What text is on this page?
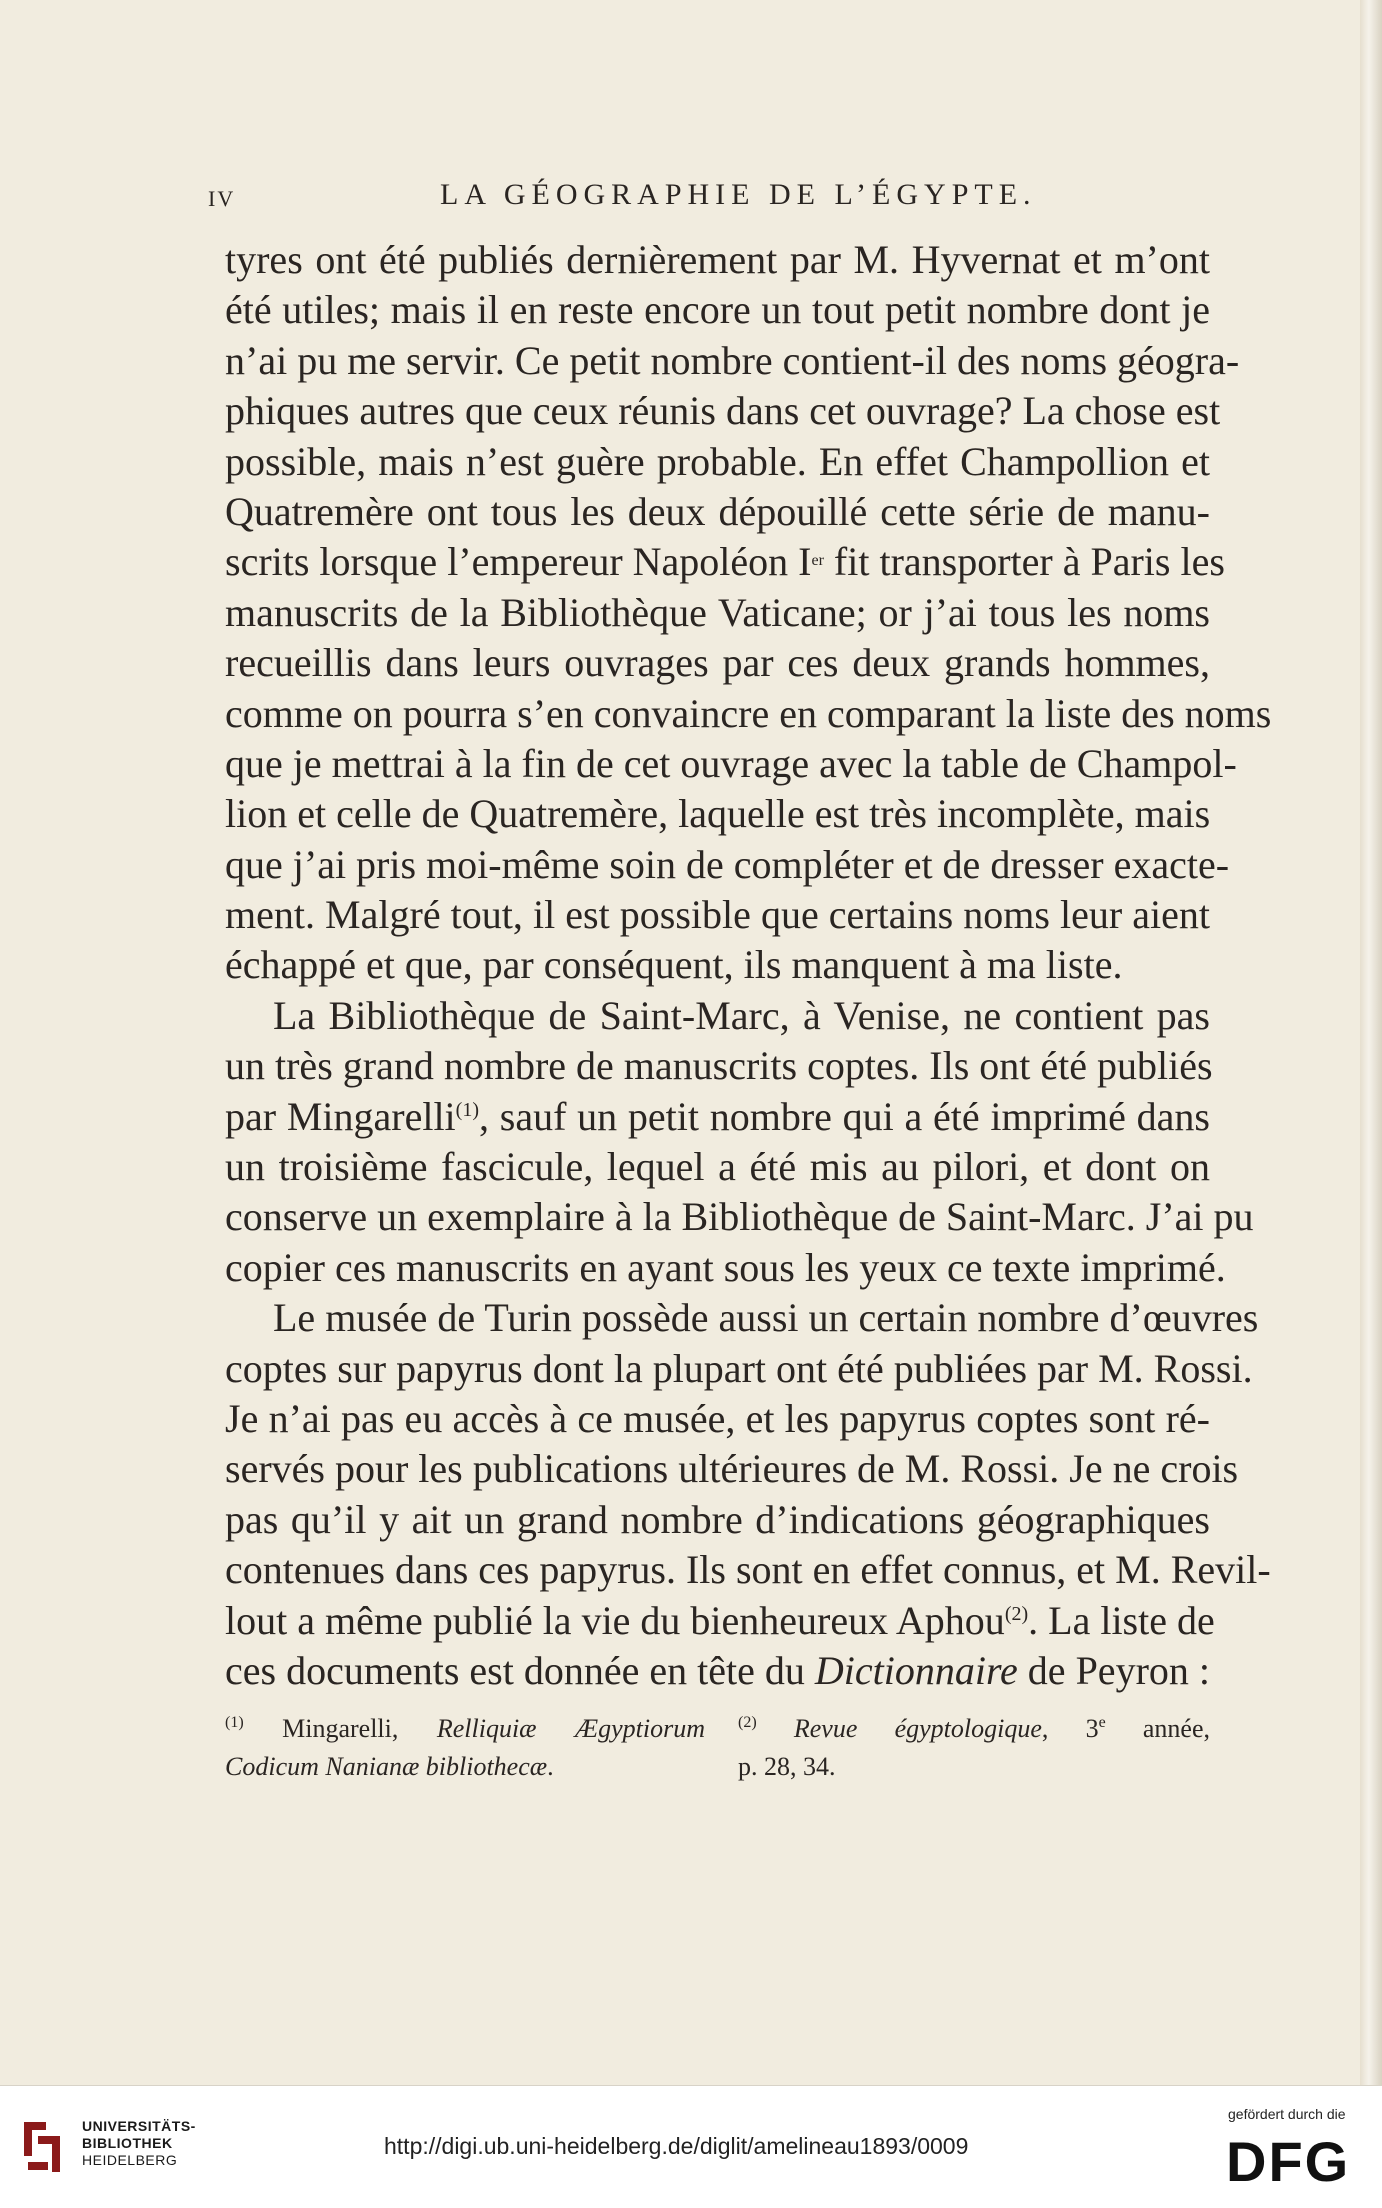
IV	LA GÉOGRAPHIE DE L’ÉGYPTE.
tyres ont été publiés dernièrement par M. Hyvernat et m’ont
été utiles; mais il en reste encore un tout petit nombre dont je
n’ai pu me servir. Ce petit nombre contient-il des noms géogra-
phiques autres que ceux réunis dans cet ouvrage? La chose est
possible, mais n’est guère probable. En effet Champollion et
Quatremère ont tous les deux dépouillé cette série de manu-
scrits lorsque l’empereur Napoléon Ier fit transporter à Paris les
manuscrits de la Bibliothèque Vaticane; or j’ai tous les noms
recueillis dans leurs ouvrages par ces deux grands hommes,
comme on pourra s’en convaincre en comparant la liste des noms
que je mettrai à la fin de cet ouvrage avec la table de Champol-
lion et celle de Quatremère, laquelle est très incomplète, mais
que j’ai pris moi-même soin de compléter et de dresser exacte-
ment. Malgré tout, il est possible que certains noms leur aient
échappé et que, par conséquent, ils manquent à ma liste.
La Bibliothèque de Saint-Marc, à Venise, ne contient pas
un très grand nombre de manuscrits coptes. Ils ont été publiés
par Mingarelli$^{(1)}$, sauf un petit nombre qui a été imprimé dans
un troisième fascicule, lequel a été mis au pilori, et dont on
conserve un exemplaire à la Bibliothèque de Saint-Marc. J’ai pu
copier ces manuscrits en ayant sous les yeux ce texte imprimé.
Le musée de Turin possède aussi un certain nombre d’œuvres
coptes sur papyrus dont la plupart ont été publiées par M. Rossi.
Je n’ai pas eu accès à ce musée, et les papyrus coptes sont ré-
servés pour les publications ultérieures de M. Rossi. Je ne crois
pas qu’il y ait un grand nombre d’indications géographiques
contenues dans ces papyrus. Ils sont en effet connus, et M. Revil-
lout a même publié la vie du bienheureux Aphou$^{(2)}$. La liste de
ces documents est donnée en tête du Dictionnaire de Peyron :
$^{(1)}$ Mingarelli, Relliquiæ Ægyptiorum
Codicum Nanianæ bibliothecæ.
$^{(2)}$ Revue égyptologique, 3e année,
p. 28, 34.
UNIVERSITÄTS-
BIBLIOTHEK
HEIDELBERG
http://digi.ub.uni-heidelberg.de/diglit/amelineau1893/0009
gefördert durch die
DFG
